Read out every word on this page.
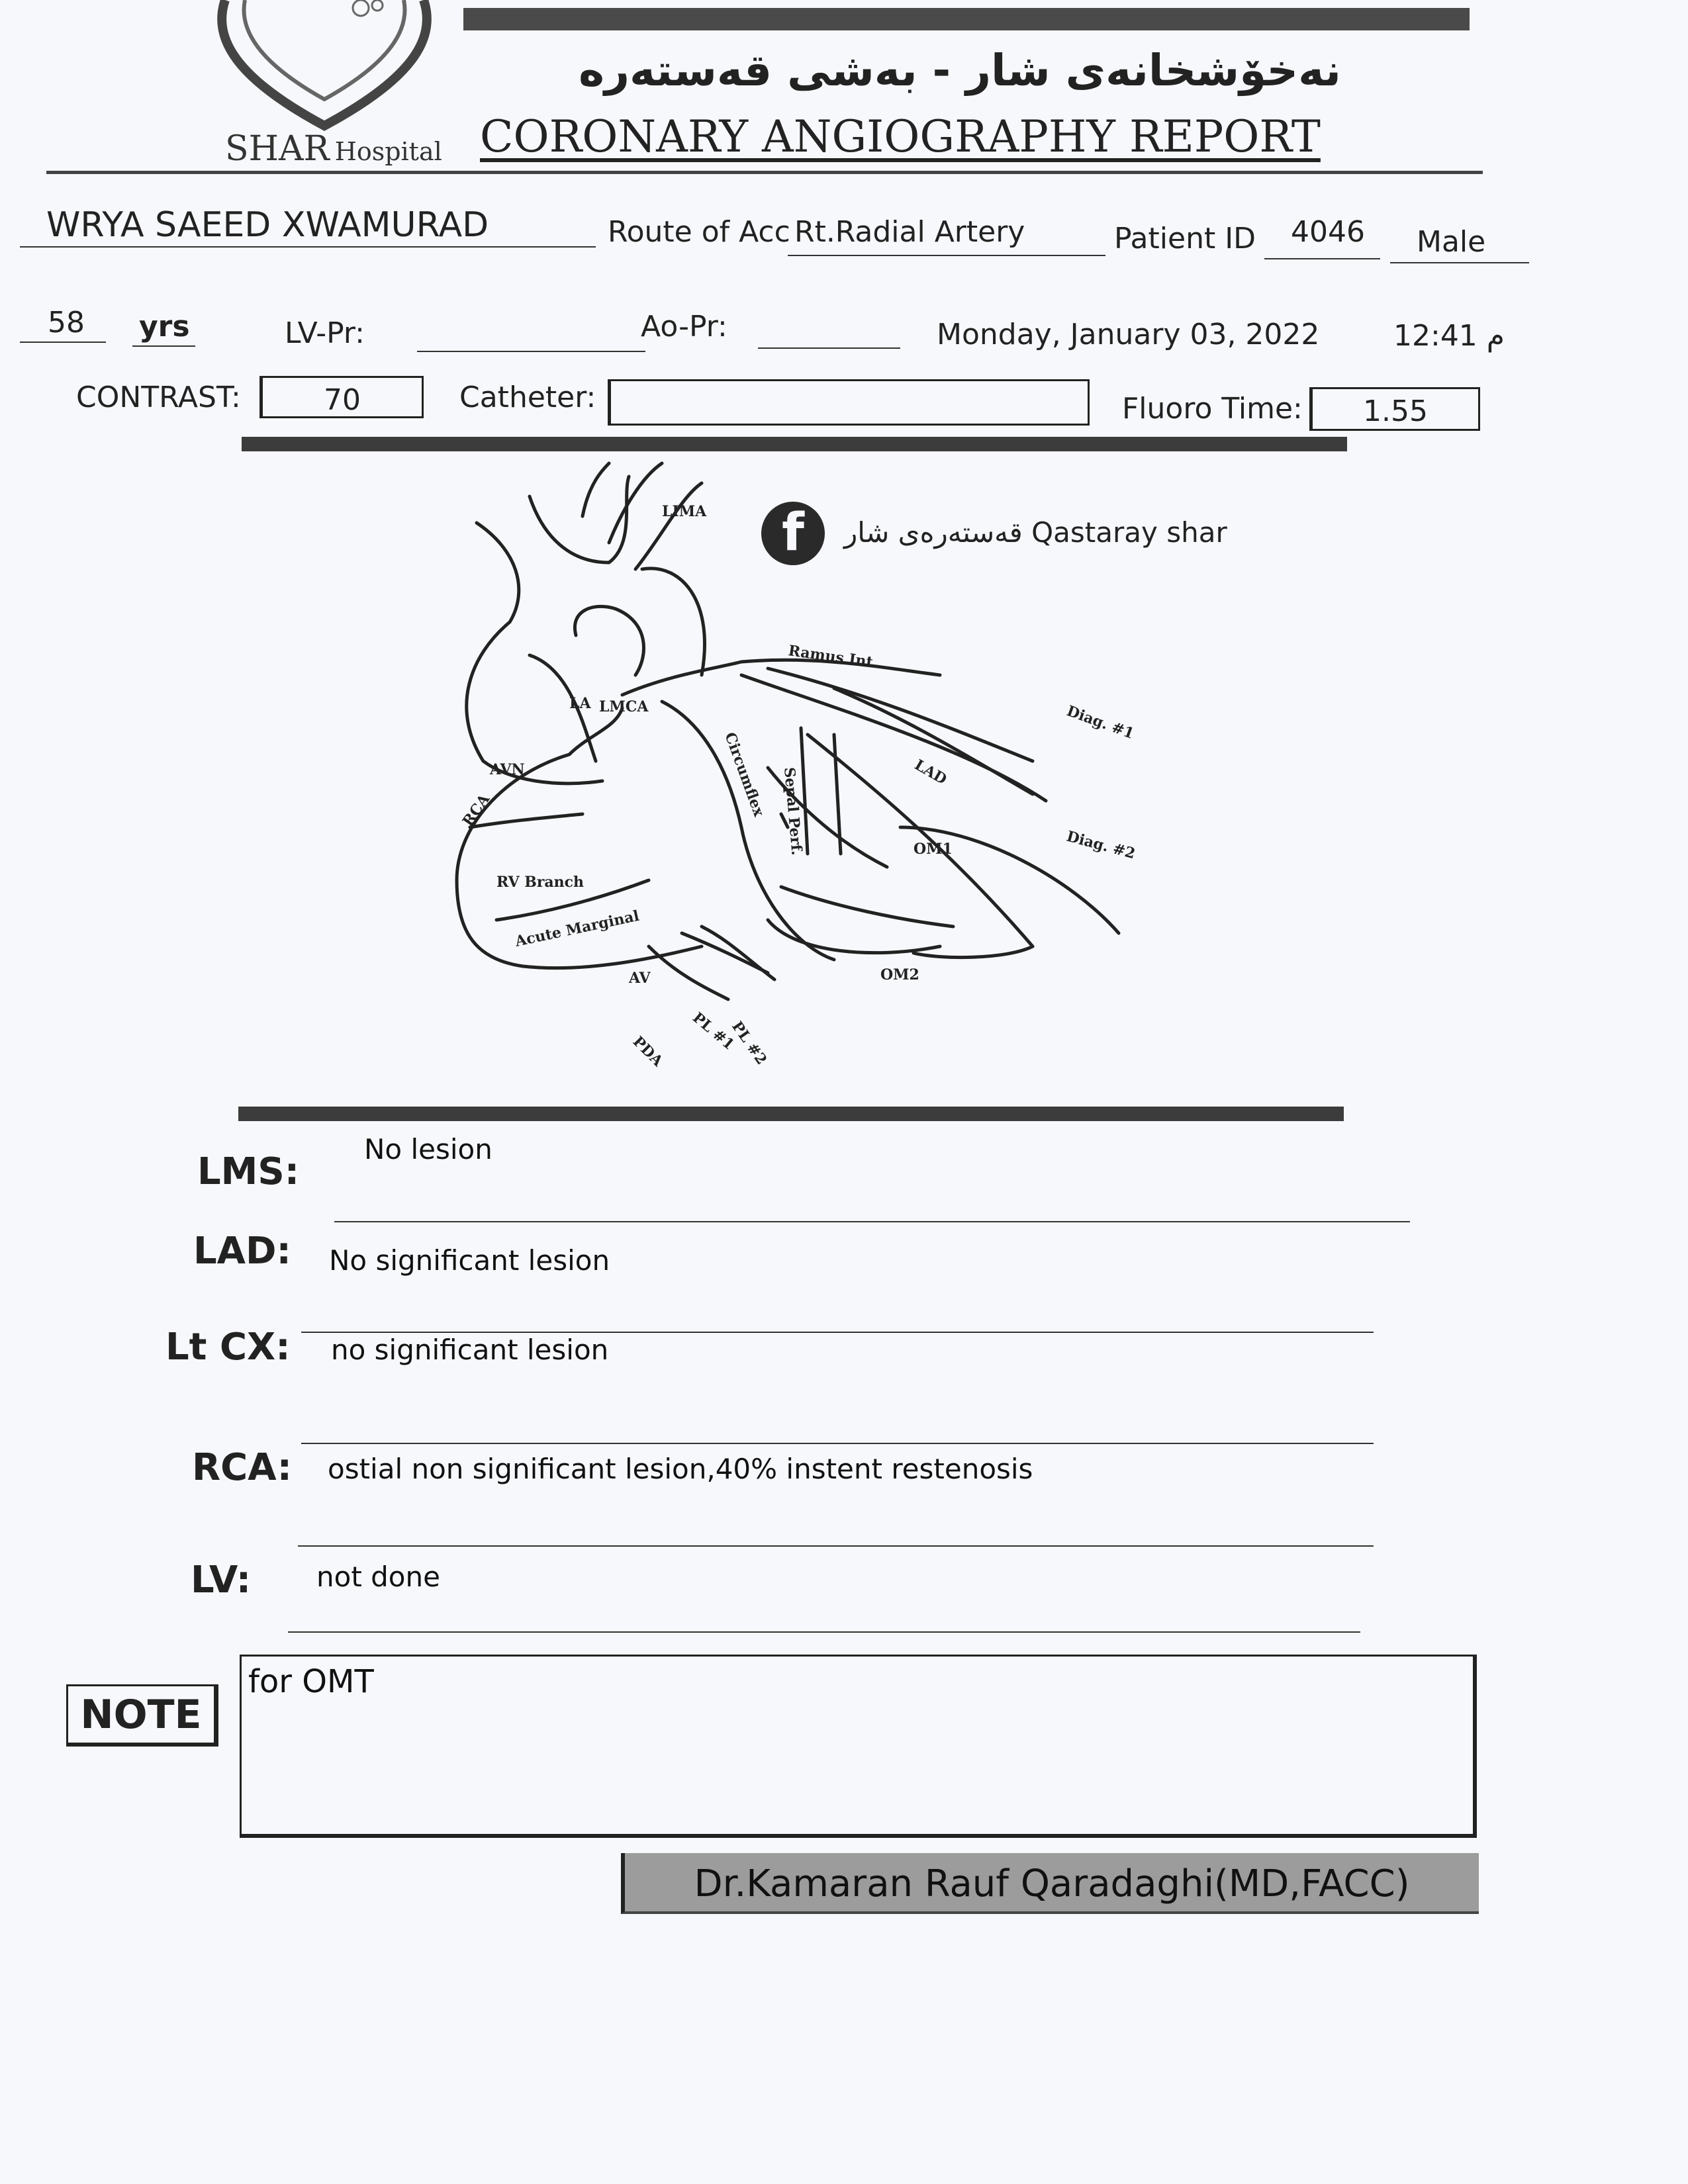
SHAR Hospital
نەخۆشخانەی شار - بەشی قەستەرە
CORONARY ANGIOGRAPHY REPORT
WRYA SAEED XWAMURAD	Route of Acc Rt.Radial Artery	Patient ID 4046 Male
58 yrs	LV-Pr:	Ao-Pr:	Monday, January 03, 2022	م 12:41
CONTRAST:	70	Catheter:	Fluoro Time:	1.55
f	قەستەرەی شار Qastaray shar
LIMA
Ramus Int.
Diag. #1
Diag. #2
LA LMCA
Circumflex Sepal Perf.	LAD
OM1
OM2
AVN
RCA
RV Branch
Acute Marginal
AV
PL #1
PL #2
PDA
LMS:
No lesion
LAD: No significant lesion
Lt CX: no significant lesion
RCA: ostial non significant lesion,40% instent restenosis
LV: not done
NOTE
for OMT
Dr.Kamaran Rauf Qaradaghi(MD,FACC)
